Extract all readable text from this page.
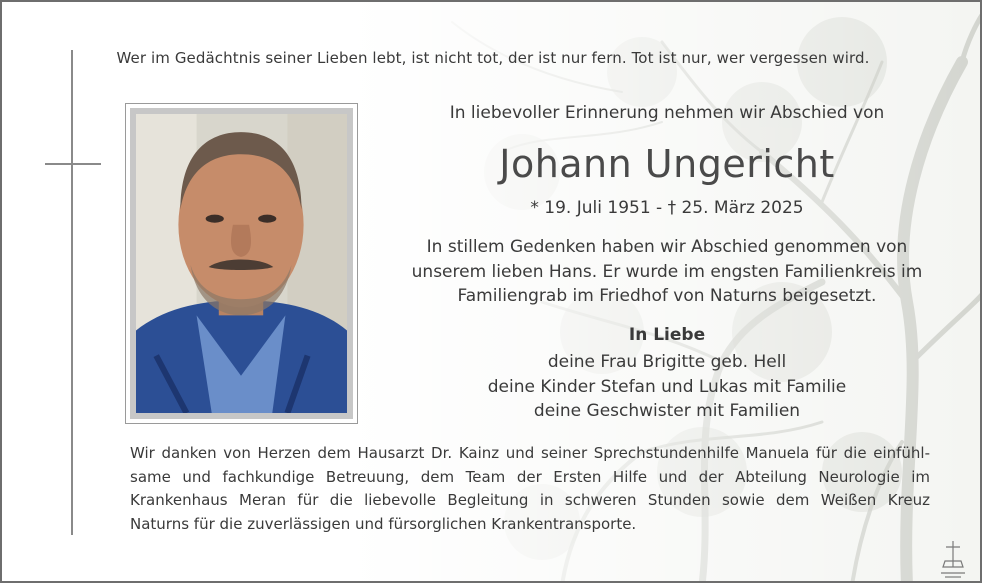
Wer im Gedächtnis seiner Lieben lebt, ist nicht tot, der ist nur fern. Tot ist nur, wer vergessen wird.
In liebevoller Erinnerung nehmen wir Abschied von
Johann Ungericht
* 19. Juli 1951 - † 25. März 2025
In stillem Gedenken haben wir Abschied genommen von
unserem lieben Hans. Er wurde im engsten Familienkreis im
Familiengrab im Friedhof von Naturns beigesetzt.
In Liebe
deine Frau Brigitte geb. Hell
deine Kinder Stefan und Lukas mit Familie
deine Geschwister mit Familien
Wir danken von Herzen dem Hausarzt Dr. Kainz und seiner Sprechstundenhilfe Manuela für die einfühl-
same und fachkundige Betreuung, dem Team der Ersten Hilfe und der Abteilung Neurologie im
Krankenhaus Meran für die liebevolle Begleitung in schweren Stunden sowie dem Weißen Kreuz
Naturns für die zuverlässigen und fürsorglichen Krankentransporte.
